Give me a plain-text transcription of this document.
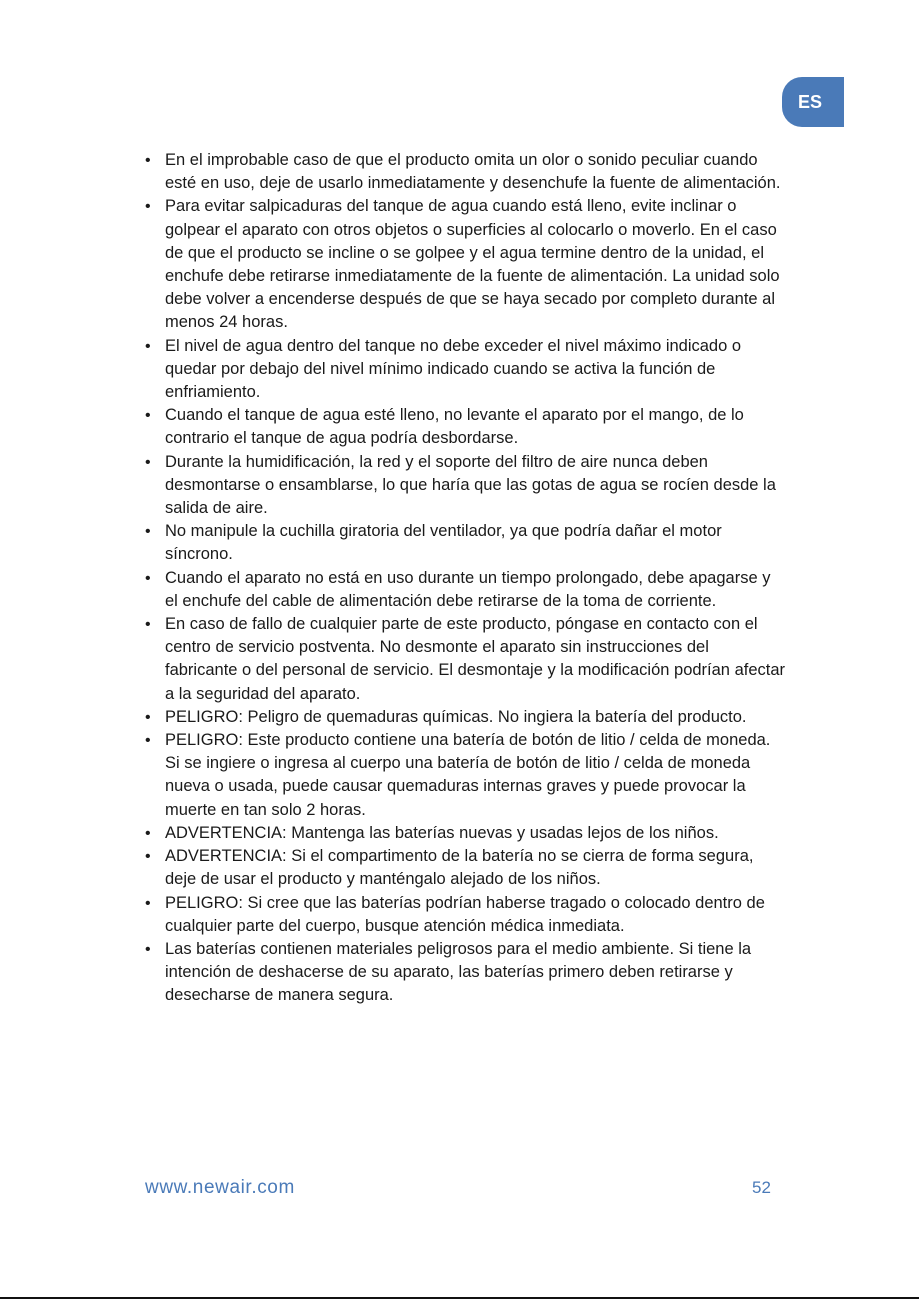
ES
• En el improbable caso de que el producto omita un olor o sonido peculiar cuando esté en uso, deje de usarlo inmediatamente y desenchufe la fuente de alimentación.
• Para evitar salpicaduras del tanque de agua cuando está lleno, evite inclinar o golpear el aparato con otros objetos o superficies al colocarlo o moverlo. En el caso de que el producto se incline o se golpee y el agua termine dentro de la unidad, el enchufe debe retirarse inmediatamente de la fuente de alimentación. La unidad solo debe volver a encenderse después de que se haya secado por completo durante al menos 24 horas.
• El nivel de agua dentro del tanque no debe exceder el nivel máximo indicado o quedar por debajo del nivel mínimo indicado cuando se activa la función de enfriamiento.
• Cuando el tanque de agua esté lleno, no levante el aparato por el mango, de lo contrario el tanque de agua podría desbordarse.
• Durante la humidificación, la red y el soporte del filtro de aire nunca deben desmontarse o ensamblarse, lo que haría que las gotas de agua se rocíen desde la salida de aire.
• No manipule la cuchilla giratoria del ventilador, ya que podría dañar el motor síncrono.
• Cuando el aparato no está en uso durante un tiempo prolongado, debe apagarse y el enchufe del cable de alimentación debe retirarse de la toma de corriente.
• En caso de fallo de cualquier parte de este producto, póngase en contacto con el centro de servicio postventa. No desmonte el aparato sin instrucciones del fabricante o del personal de servicio. El desmontaje y la modificación podrían afectar a la seguridad del aparato.
• PELIGRO: Peligro de quemaduras químicas. No ingiera la batería del producto.
• PELIGRO: Este producto contiene una batería de botón de litio / celda de moneda. Si se ingiere o ingresa al cuerpo una batería de botón de litio / celda de moneda nueva o usada, puede causar quemaduras internas graves y puede provocar la muerte en tan solo 2 horas.
• ADVERTENCIA: Mantenga las baterías nuevas y usadas lejos de los niños.
• ADVERTENCIA: Si el compartimento de la batería no se cierra de forma segura, deje de usar el producto y manténgalo alejado de los niños.
• PELIGRO: Si cree que las baterías podrían haberse tragado o colocado dentro de cualquier parte del cuerpo, busque atención médica inmediata.
• Las baterías contienen materiales peligrosos para el medio ambiente. Si tiene la intención de deshacerse de su aparato, las baterías primero deben retirarse y desecharse de manera segura.
www.newair.com	52
